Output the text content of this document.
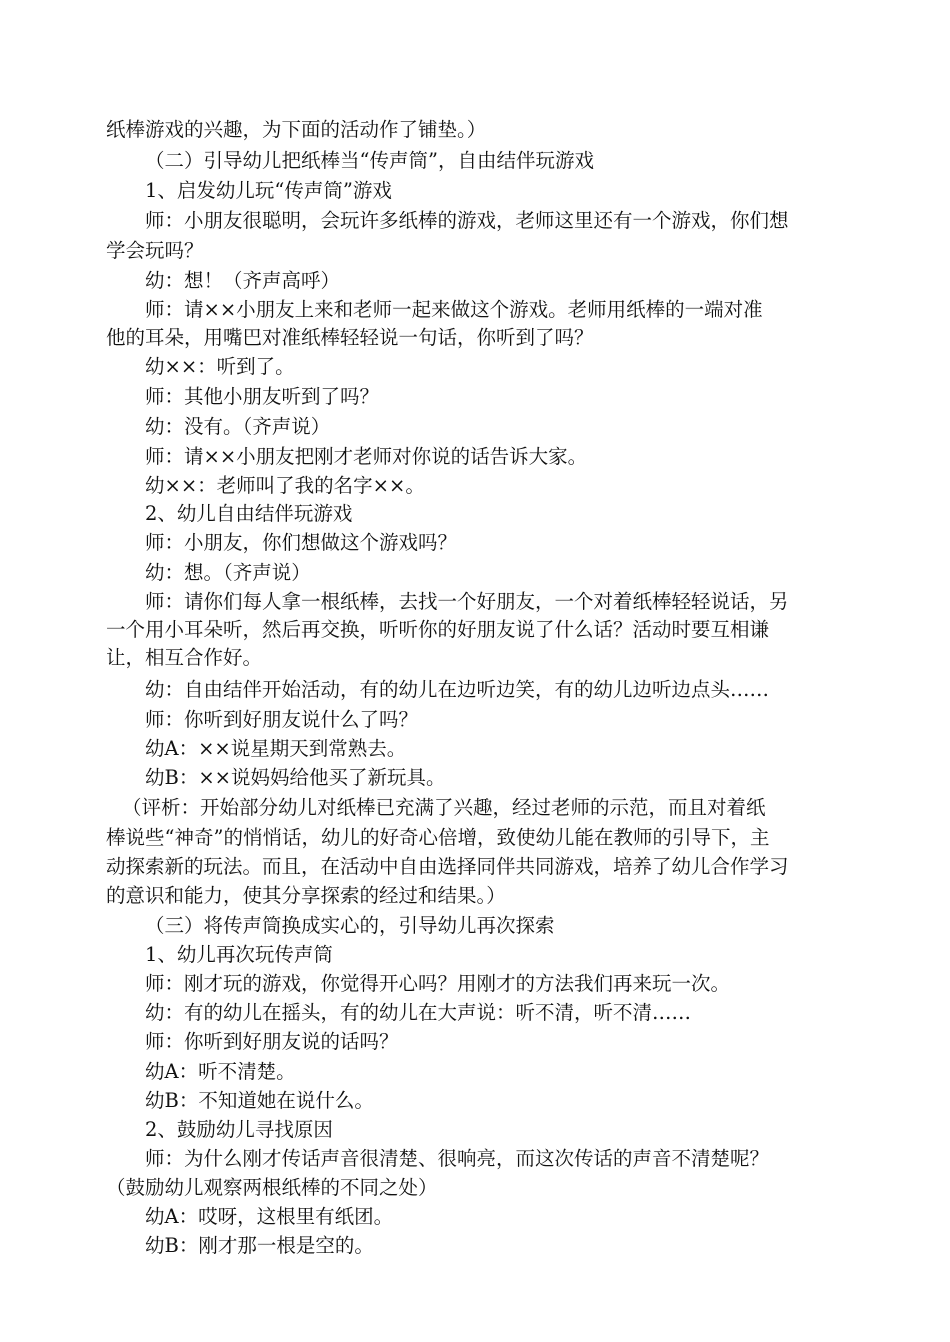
纸棒游戏的兴趣，为下面的活动作了铺垫。）
（二）引导幼儿把纸棒当“传声筒”，自由结伴玩游戏
1、启发幼儿玩“传声筒”游戏
师：小朋友很聪明，会玩许多纸棒的游戏，老师这里还有一个游戏，你们想
学会玩吗？
幼：想！（齐声高呼）
师：请××小朋友上来和老师一起来做这个游戏。老师用纸棒的一端对准
他的耳朵，用嘴巴对准纸棒轻轻说一句话，你听到了吗？
幼××：听到了。
师：其他小朋友听到了吗？
幼：没有。（齐声说）
师：请××小朋友把刚才老师对你说的话告诉大家。
幼××：老师叫了我的名字××。
2、幼儿自由结伴玩游戏
师：小朋友，你们想做这个游戏吗？
幼：想。（齐声说）
师：请你们每人拿一根纸棒，去找一个好朋友，一个对着纸棒轻轻说话，另
一个用小耳朵听，然后再交换，听听你的好朋友说了什么话？活动时要互相谦
让，相互合作好。
幼：自由结伴开始活动，有的幼儿在边听边笑，有的幼儿边听边点头……
师：你听到好朋友说什么了吗？
幼A：××说星期天到常熟去。
幼B：××说妈妈给他买了新玩具。
（评析：开始部分幼儿对纸棒已充满了兴趣，经过老师的示范，而且对着纸
棒说些“神奇”的悄悄话，幼儿的好奇心倍增，致使幼儿能在教师的引导下，主
动探索新的玩法。而且，在活动中自由选择同伴共同游戏，培养了幼儿合作学习
的意识和能力，使其分享探索的经过和结果。）
（三）将传声筒换成实心的，引导幼儿再次探索
1、幼儿再次玩传声筒
师：刚才玩的游戏，你觉得开心吗？用刚才的方法我们再来玩一次。
幼：有的幼儿在摇头，有的幼儿在大声说：听不清，听不清……
师：你听到好朋友说的话吗？
幼A：听不清楚。
幼B：不知道她在说什么。
2、鼓励幼儿寻找原因
师：为什么刚才传话声音很清楚、很响亮，而这次传话的声音不清楚呢？
（鼓励幼儿观察两根纸棒的不同之处）
幼A：哎呀，这根里有纸团。
幼B：刚才那一根是空的。
